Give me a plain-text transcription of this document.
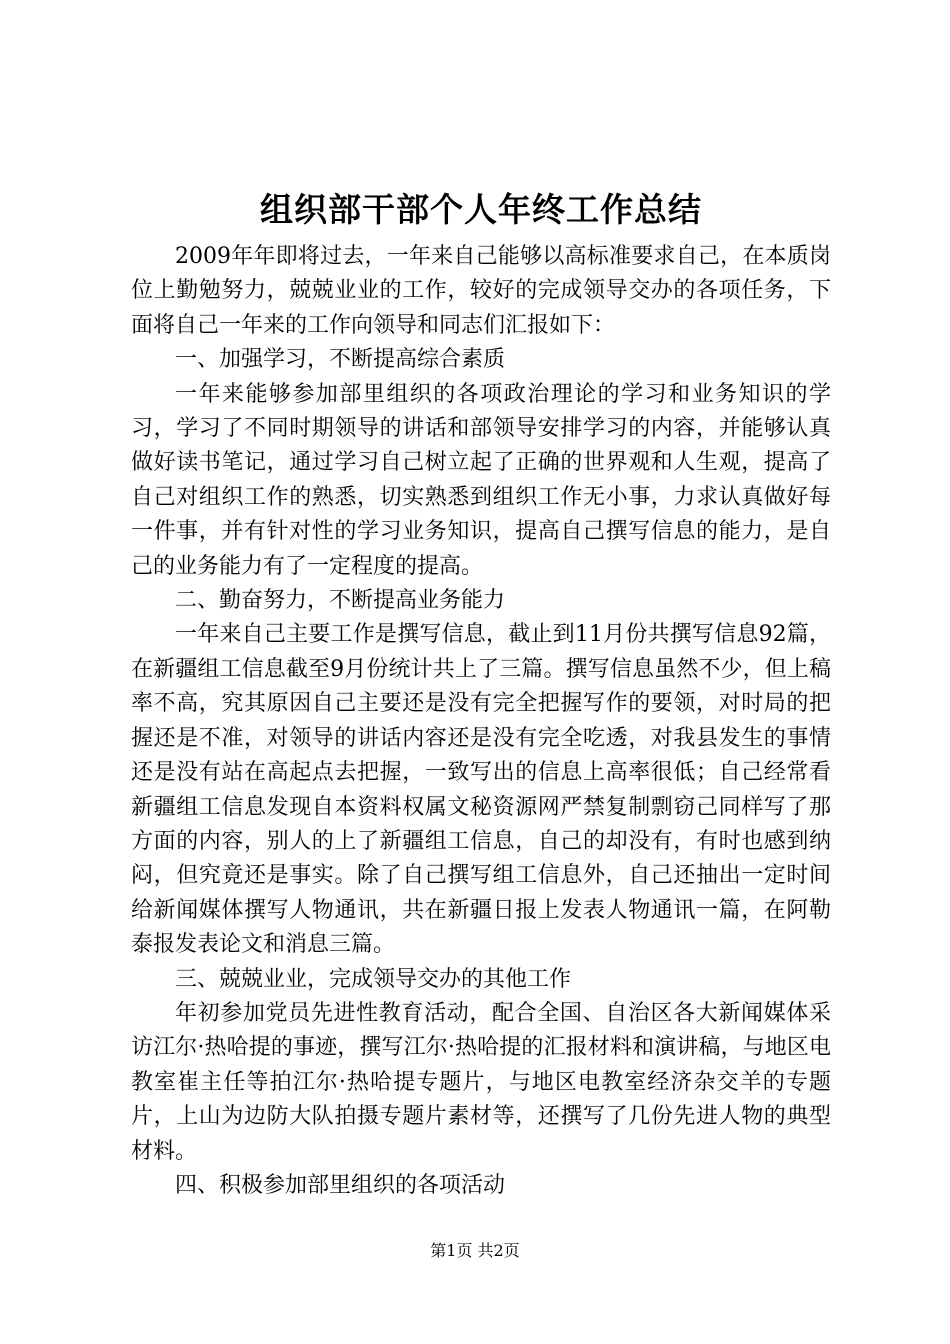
组织部干部个人年终工作总结

2009年年即将过去，一年来自己能够以高标准要求自己，在本质岗位上勤勉努力，兢兢业业的工作，较好的完成领导交办的各项任务，下面将自己一年来的工作向领导和同志们汇报如下：

一、加强学习，不断提高综合素质

一年来能够参加部里组织的各项政治理论的学习和业务知识的学习，学习了不同时期领导的讲话和部领导安排学习的内容，并能够认真做好读书笔记，通过学习自己树立起了正确的世界观和人生观，提高了自己对组织工作的熟悉，切实熟悉到组织工作无小事，力求认真做好每一件事，并有针对性的学习业务知识，提高自己撰写信息的能力，是自己的业务能力有了一定程度的提高。

二、勤奋努力，不断提高业务能力

一年来自己主要工作是撰写信息，截止到11月份共撰写信息92篇，在新疆组工信息截至9月份统计共上了三篇。撰写信息虽然不少，但上稿率不高，究其原因自己主要还是没有完全把握写作的要领，对时局的把握还是不准，对领导的讲话内容还是没有完全吃透，对我县发生的事情还是没有站在高起点去把握，一致写出的信息上高率很低；自己经常看新疆组工信息发现自本资料权属文秘资源网严禁复制剽窃己同样写了那方面的内容，别人的上了新疆组工信息，自己的却没有，有时也感到纳闷，但究竟还是事实。除了自己撰写组工信息外，自己还抽出一定时间给新闻媒体撰写人物通讯，共在新疆日报上发表人物通讯一篇，在阿勒泰报发表论文和消息三篇。

三、兢兢业业，完成领导交办的其他工作

年初参加党员先进性教育活动，配合全国、自治区各大新闻媒体采访江尔·热哈提的事迹，撰写江尔·热哈提的汇报材料和演讲稿，与地区电教室崔主任等拍江尔·热哈提专题片，与地区电教室经济杂交羊的专题片，上山为边防大队拍摄专题片素材等，还撰写了几份先进人物的典型材料。

四、积极参加部里组织的各项活动

第1页 共2页
